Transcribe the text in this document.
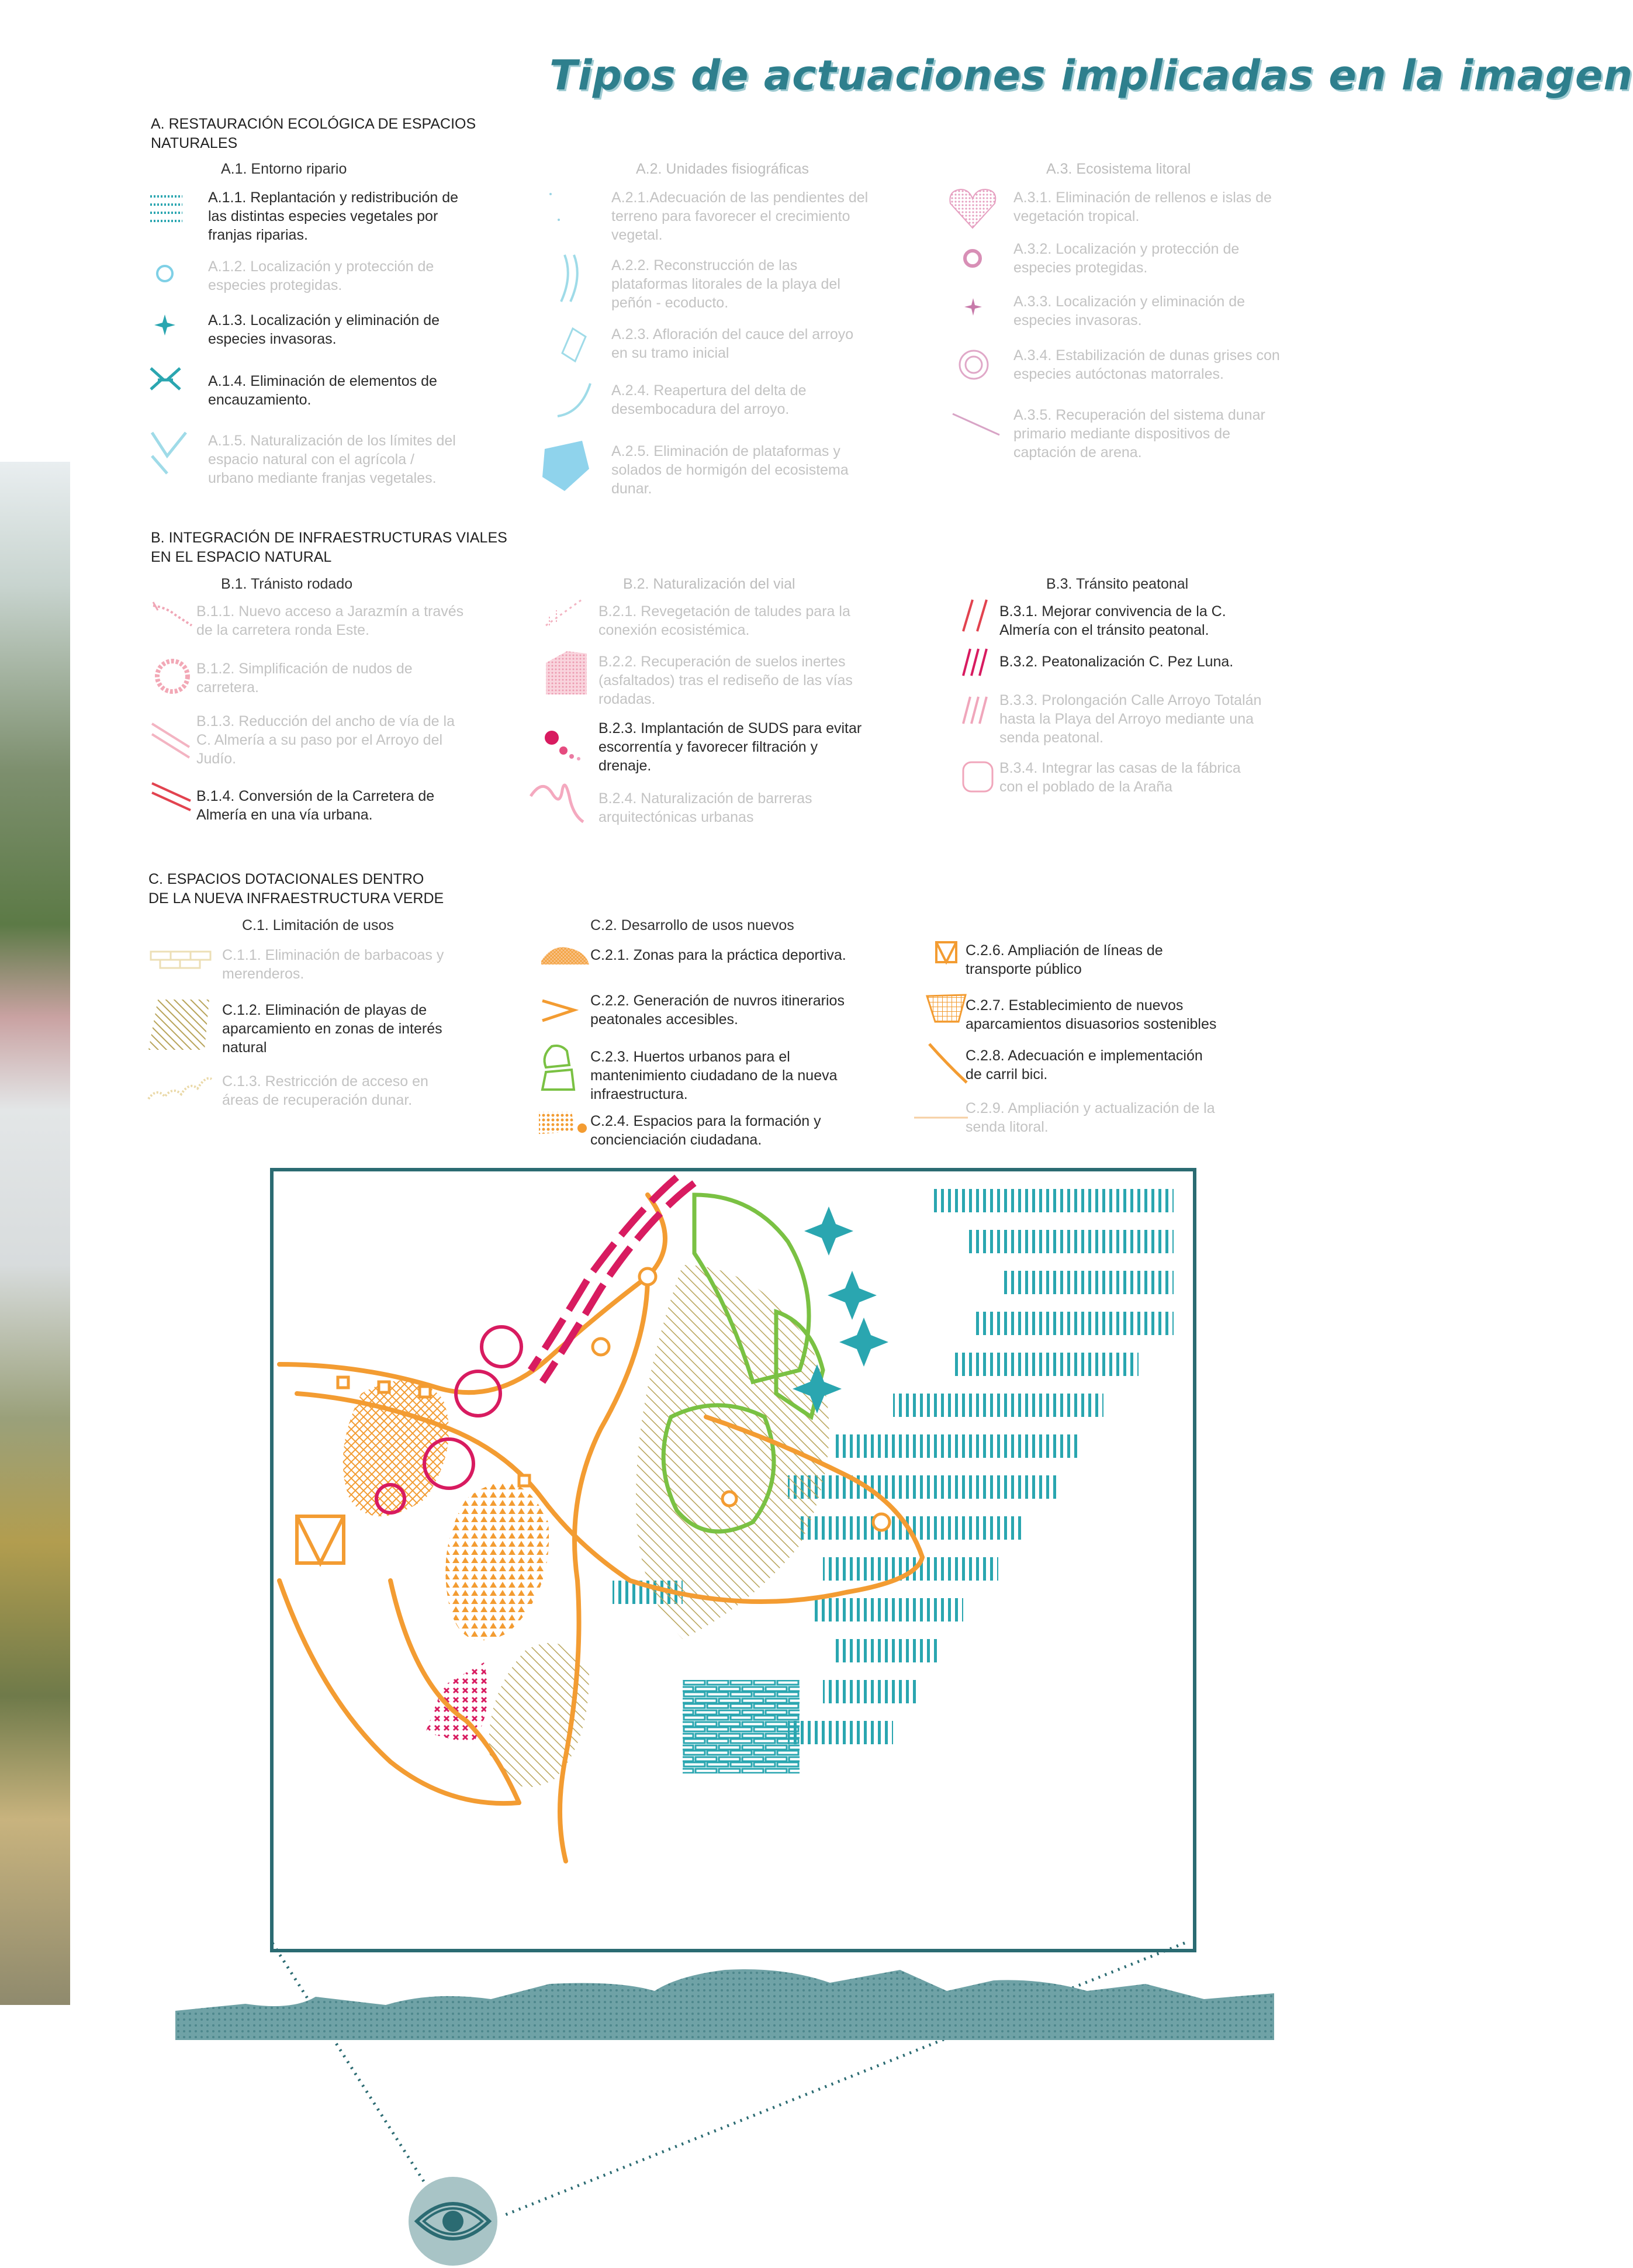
Tipos de actuaciones implicadas en la imagen
A. RESTAURACIÓN ECOLÓGICA DE ESPACIOS
NATURALES
A.1. Entorno ripario	A.2. Unidades fisiográficas	A.3. Ecosistema litoral
A.1.1. Replantación y redistribución de
las distintas especies vegetales por
franjas riparias.
A.1.2. Localización y protección de
especies protegidas.
A.1.3. Localización y eliminación de
especies invasoras.
A.1.4. Eliminación de elementos de
encauzamiento.
A.1.5. Naturalización de los límites del
espacio natural con el agrícola /
urbano mediante franjas vegetales.
A.2.1.Adecuación de las pendientes del
terreno para favorecer el crecimiento
vegetal.
A.2.2. Reconstrucción de las
plataformas litorales de la playa del
peñón - ecoducto.
A.2.3. Afloración del cauce del arroyo
en su tramo inicial
A.2.4. Reapertura del delta de
desembocadura del arroyo.
A.2.5. Eliminación de plataformas y
solados de hormigón del ecosistema
dunar.
A.3.1. Eliminación de rellenos e islas de
vegetación tropical.
A.3.2. Localización y protección de
especies protegidas.
A.3.3. Localización y eliminación de
especies invasoras.
A.3.4. Estabilización de dunas grises con
especies autóctonas matorrales.
A.3.5. Recuperación del sistema dunar
primario mediante dispositivos de
captación de arena.
B. INTEGRACIÓN DE INFRAESTRUCTURAS VIALES
EN EL ESPACIO NATURAL
B.1. Tránisto rodado	B.2. Naturalización del vial	B.3. Tránsito peatonal
B.1.1. Nuevo acceso a Jarazmín a través
de la carretera ronda Este.
B.1.2. Simplificación de nudos de
carretera.
B.1.3. Reducción del ancho de vía de la
C. Almería a su paso por el Arroyo del
Judío.
B.1.4. Conversión de la Carretera de
Almería en una vía urbana.
B.2.1. Revegetación de taludes para la
conexión ecosistémica.
B.2.2. Recuperación de suelos inertes
(asfaltados) tras el rediseño de las vías
rodadas.
B.2.3. Implantación de SUDS para evitar
escorrentía y favorecer filtración y
drenaje.
B.2.4. Naturalización de barreras
arquitectónicas urbanas
B.3.1. Mejorar convivencia de la C.
Almería con el tránsito peatonal.
B.3.2. Peatonalización C. Pez Luna.
B.3.3. Prolongación Calle Arroyo Totalán
hasta la Playa del Arroyo mediante una
senda peatonal.
B.3.4. Integrar las casas de la fábrica
con el poblado de la Araña
C. ESPACIOS DOTACIONALES DENTRO
DE LA NUEVA INFRAESTRUCTURA VERDE
C.1. Limitación de usos	C.2. Desarrollo de usos nuevos
C.1.1. Eliminación de barbacoas y
merenderos.
C.1.2. Eliminación de playas de
aparcamiento en zonas de interés
natural
C.1.3. Restricción de acceso en
áreas de recuperación dunar.
C.2.1. Zonas para la práctica deportiva.
C.2.2. Generación de nuvros itinerarios
peatonales accesibles.
C.2.3. Huertos urbanos para el
mantenimiento ciudadano de la nueva
infraestructura.
C.2.4. Espacios para la formación y
concienciación ciudadana.
C.2.6. Ampliación de líneas de
transporte público
C.2.7. Establecimiento de nuevos
aparcamientos disuasorios sostenibles
C.2.8. Adecuación e implementación
de carril bici.
C.2.9. Ampliación y actualización de la
senda litoral.
